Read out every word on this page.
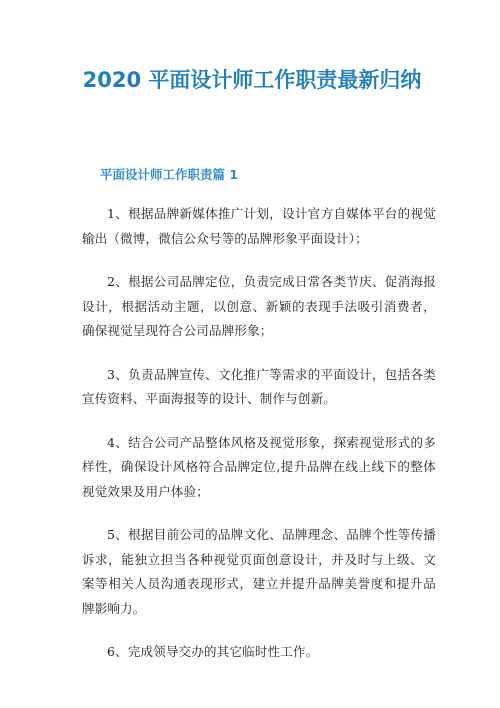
2020 平面设计师工作职责最新归纳
平面设计师工作职责篇 1

1、根据品牌新媒体推广计划，设计官方自媒体平台的视觉输出（微博，微信公众号等的品牌形象平面设计）；

2、根据公司品牌定位，负责完成日常各类节庆、促消海报设计，根据活动主题，以创意、新颖的表现手法吸引消费者，确保视觉呈现符合公司品牌形象；

3、负责品牌宣传、文化推广等需求的平面设计，包括各类宣传资料、平面海报等的设计、制作与创新。

4、结合公司产品整体风格及视觉形象，探索视觉形式的多样性，确保设计风格符合品牌定位,提升品牌在线上线下的整体视觉效果及用户体验；

5、根据目前公司的品牌文化、品牌理念、品牌个性等传播诉求，能独立担当各种视觉页面创意设计，并及时与上级、文案等相关人员沟通表现形式，建立并提升品牌美誉度和提升品牌影响力。

6、完成领导交办的其它临时性工作。
